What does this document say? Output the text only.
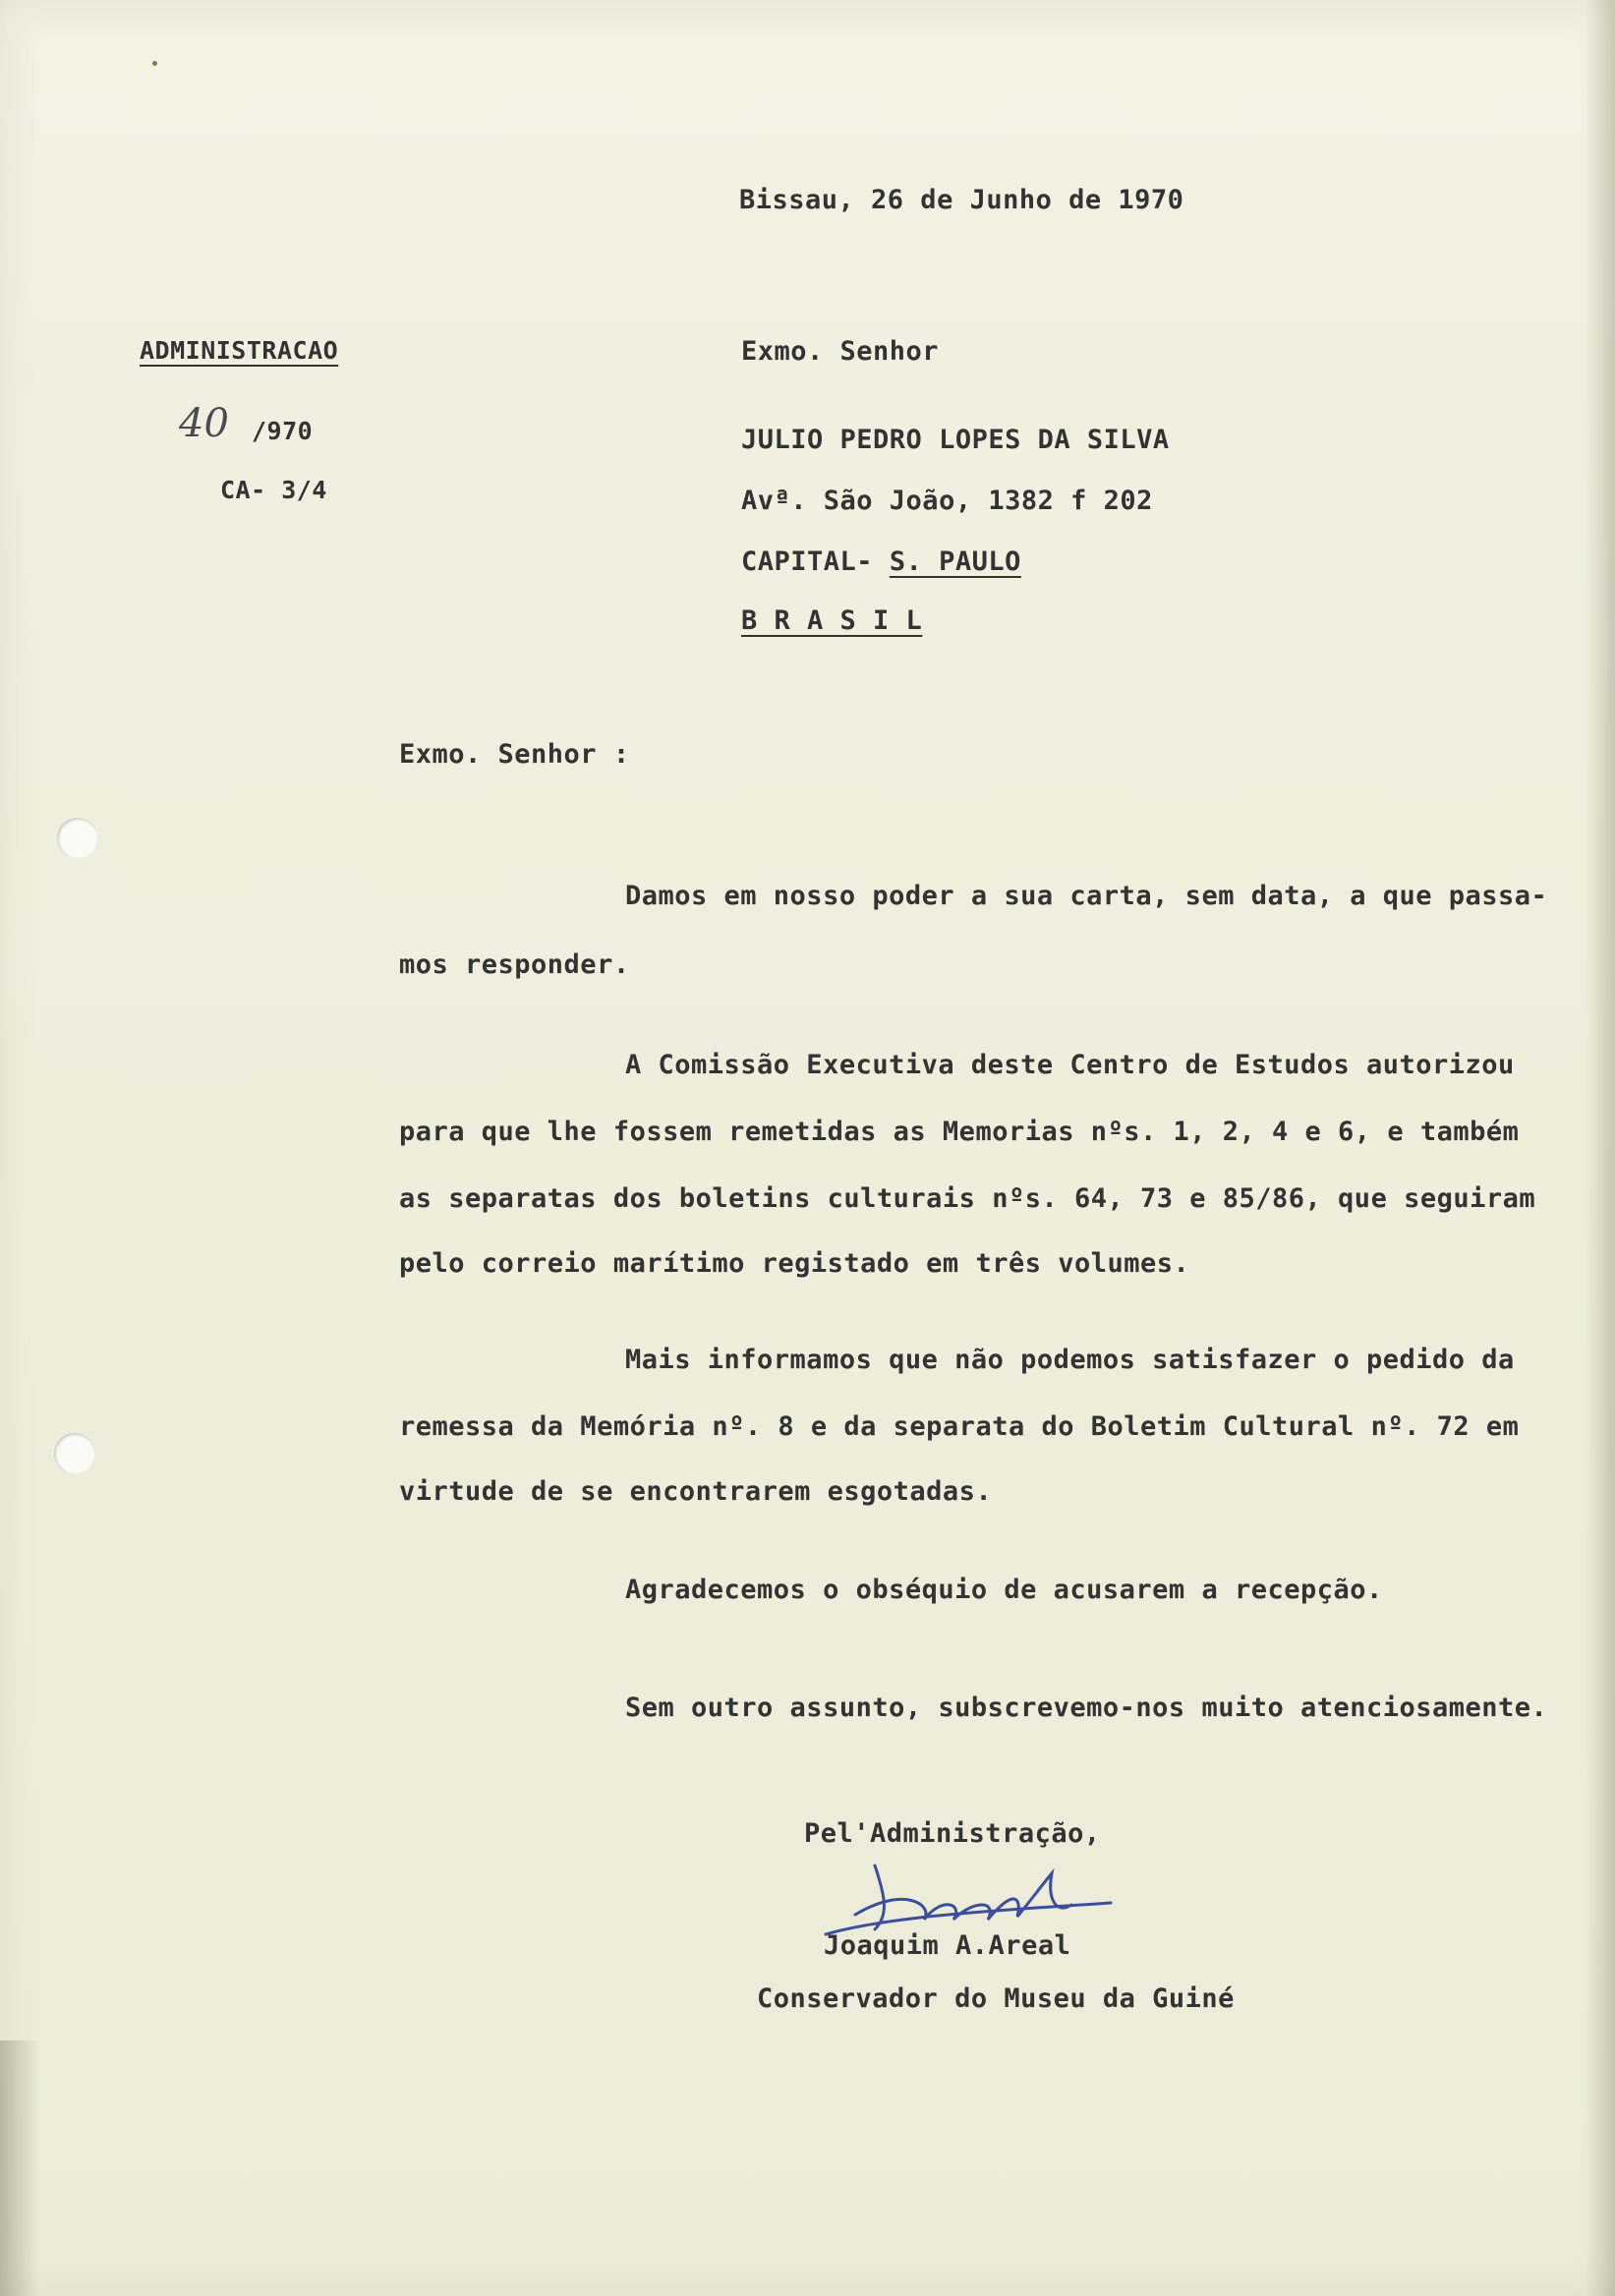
Bissau, 26 de Junho de 1970
ADMINISTRACAO
40 /970
CA- 3/4
Exmo. Senhor
JULIO PEDRO LOPES DA SILVA
Avª. São João, 1382 f 202
CAPITAL- S. PAULO
B R A S I L
Exmo. Senhor :
Damos em nosso poder a sua carta, sem data, a que passa-
mos responder.
A Comissão Executiva deste Centro de Estudos autorizou
para que lhe fossem remetidas as Memorias nºs. 1, 2, 4 e 6, e também
as separatas dos boletins culturais nºs. 64, 73 e 85/86, que seguiram
pelo correio marítimo registado em três volumes.
Mais informamos que não podemos satisfazer o pedido da
remessa da Memória nº. 8 e da separata do Boletim Cultural nº. 72 em
virtude de se encontrarem esgotadas.
Agradecemos o obséquio de acusarem a recepção.
Sem outro assunto, subscrevemo-nos muito atenciosamente.
Pel'Administração,
Joaquim A.Areal
Conservador do Museu da Guiné
